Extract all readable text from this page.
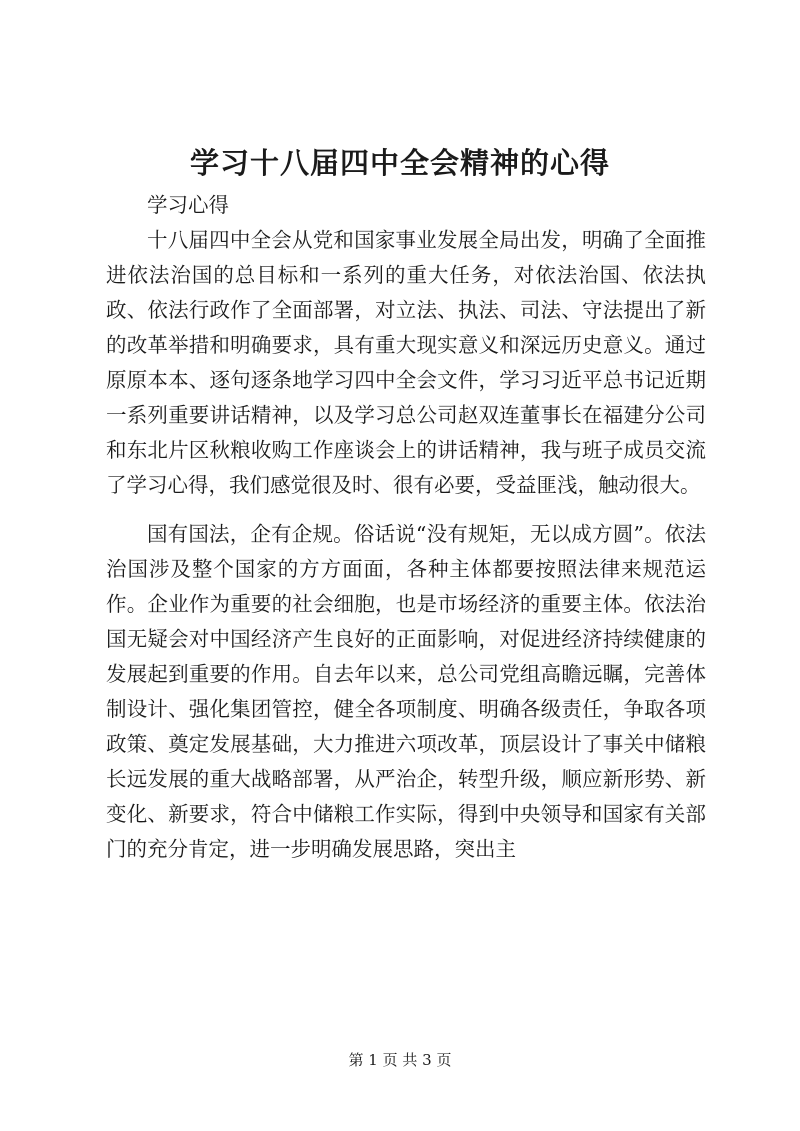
学习十八届四中全会精神的心得

学习心得

十八届四中全会从党和国家事业发展全局出发，明确了全面推进依法治国的总目标和一系列的重大任务，对依法治国、依法执政、依法行政作了全面部署，对立法、执法、司法、守法提出了新的改革举措和明确要求，具有重大现实意义和深远历史意义。通过原原本本、逐句逐条地学习四中全会文件，学习习近平总书记近期一系列重要讲话精神，以及学习总公司赵双连董事长在福建分公司和东北片区秋粮收购工作座谈会上的讲话精神，我与班子成员交流了学习心得，我们感觉很及时、很有必要，受益匪浅，触动很大。

国有国法，企有企规。俗话说“没有规矩，无以成方圆”。依法治国涉及整个国家的方方面面，各种主体都要按照法律来规范运作。企业作为重要的社会细胞，也是市场经济的重要主体。依法治国无疑会对中国经济产生良好的正面影响，对促进经济持续健康的发展起到重要的作用。自去年以来，总公司党组高瞻远瞩，完善体制设计、强化集团管控，健全各项制度、明确各级责任，争取各项政策、奠定发展基础，大力推进六项改革，顶层设计了事关中储粮长远发展的重大战略部署，从严治企，转型升级，顺应新形势、新变化、新要求，符合中储粮工作实际，得到中央领导和国家有关部门的充分肯定，进一步明确发展思路，突出主

第 1 页 共 3 页
